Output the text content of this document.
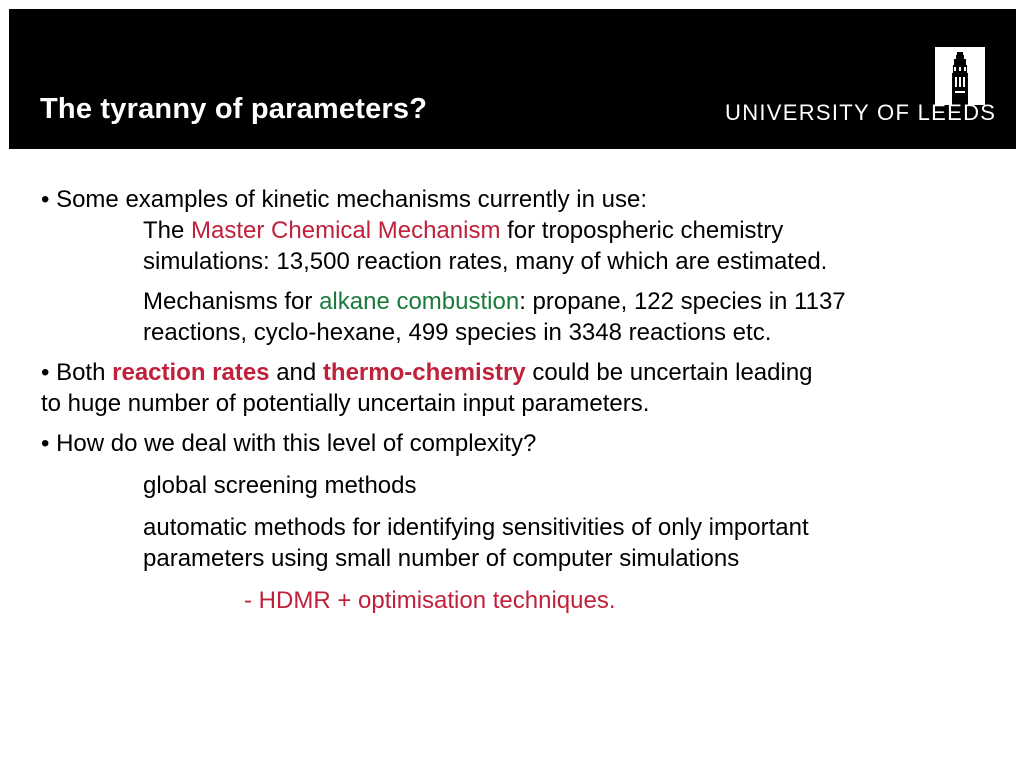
The tyranny of parameters?	UNIVERSITY OF LEEDS
• Some examples of kinetic mechanisms currently in use:
The Master Chemical Mechanism for tropospheric chemistry
simulations: 13,500 reaction rates, many of which are estimated.
Mechanisms for alkane combustion: propane, 122 species in 1137
reactions, cyclo-hexane, 499 species in 3348 reactions etc.
• Both reaction rates and thermo-chemistry could be uncertain leading
to huge number of potentially uncertain input parameters.
• How do we deal with this level of complexity?
global screening methods
automatic methods for identifying sensitivities of only important
parameters using small number of computer simulations
- HDMR + optimisation techniques.
